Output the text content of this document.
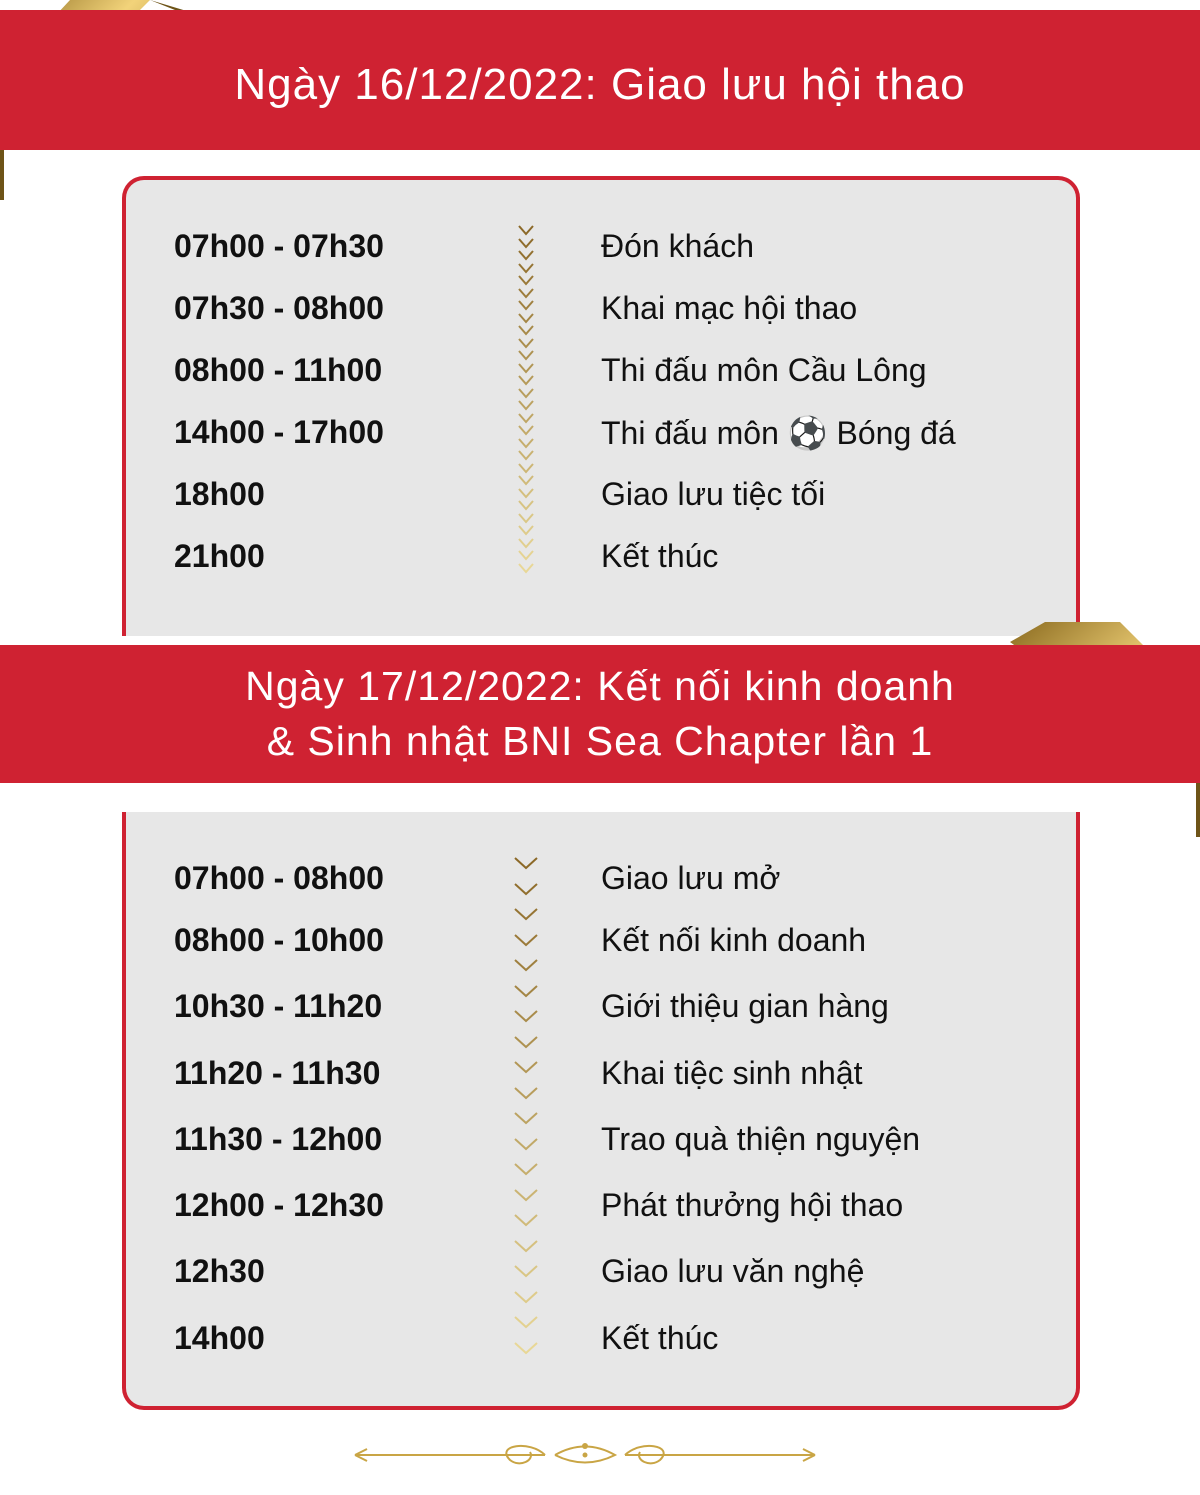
Ngày 16/12/2022: Giao lưu hội thao
07h00 - 07h30	Đón khách
07h30 - 08h00	Khai mạc hội thao
08h00 - 11h00	Thi đấu môn Cầu Lông
14h00 - 17h00	Thi đấu môn ⚽ Bóng đá
18h00	Giao lưu tiệc tối
21h00	Kết thúc
Ngày 17/12/2022: Kết nối kinh doanh
& Sinh nhật BNI Sea Chapter lần 1
07h00 - 08h00	Giao lưu mở
08h00 - 10h00	Kết nối kinh doanh
10h30 - 11h20	Giới thiệu gian hàng
11h20 - 11h30	Khai tiệc sinh nhật
11h30 - 12h00	Trao quà thiện nguyện
12h00 - 12h30	Phát thưởng hội thao
12h30	Giao lưu văn nghệ
14h00	Kết thúc
